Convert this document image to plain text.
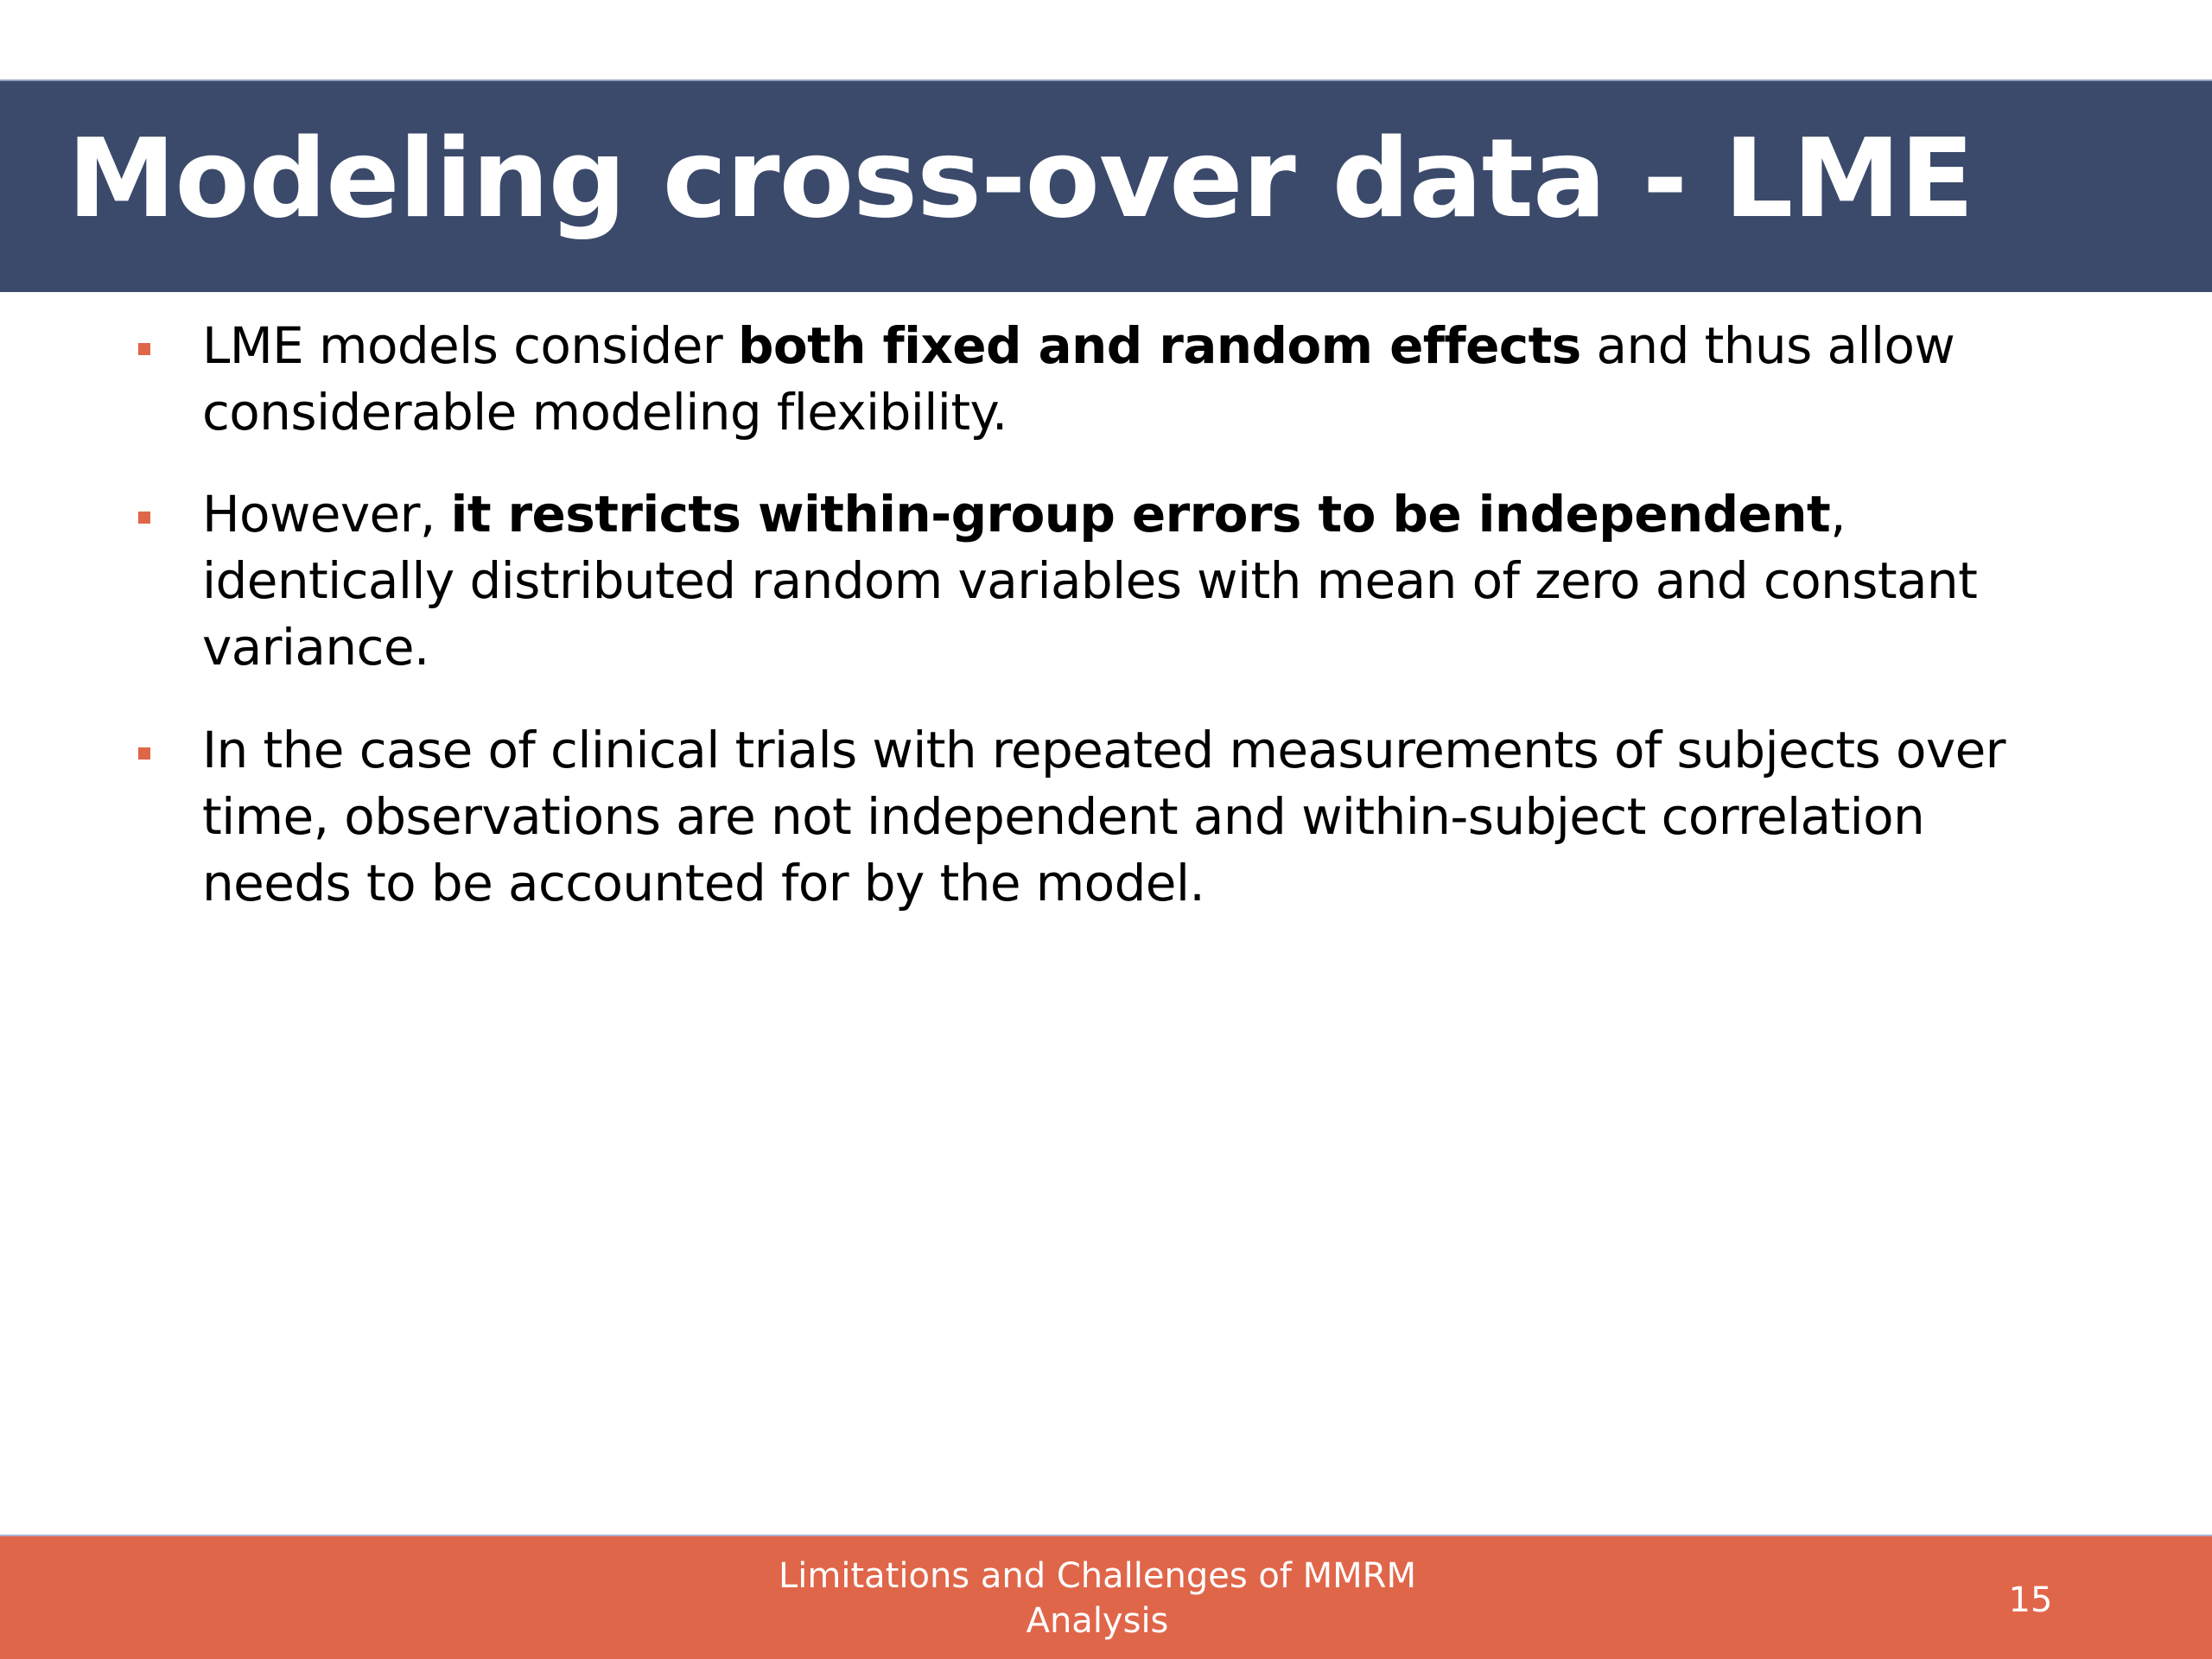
Modeling cross-over data - LME
LME models consider both fixed and random effects and thus allow considerable modeling flexibility.
However, it restricts within-group errors to be independent, identically distributed random variables with mean of zero and constant variance.
In the case of clinical trials with repeated measurements of subjects over time, observations are not independent and within-subject correlation needs to be accounted for by the model.
Limitations and Challenges of MMRM
Analysis
15
